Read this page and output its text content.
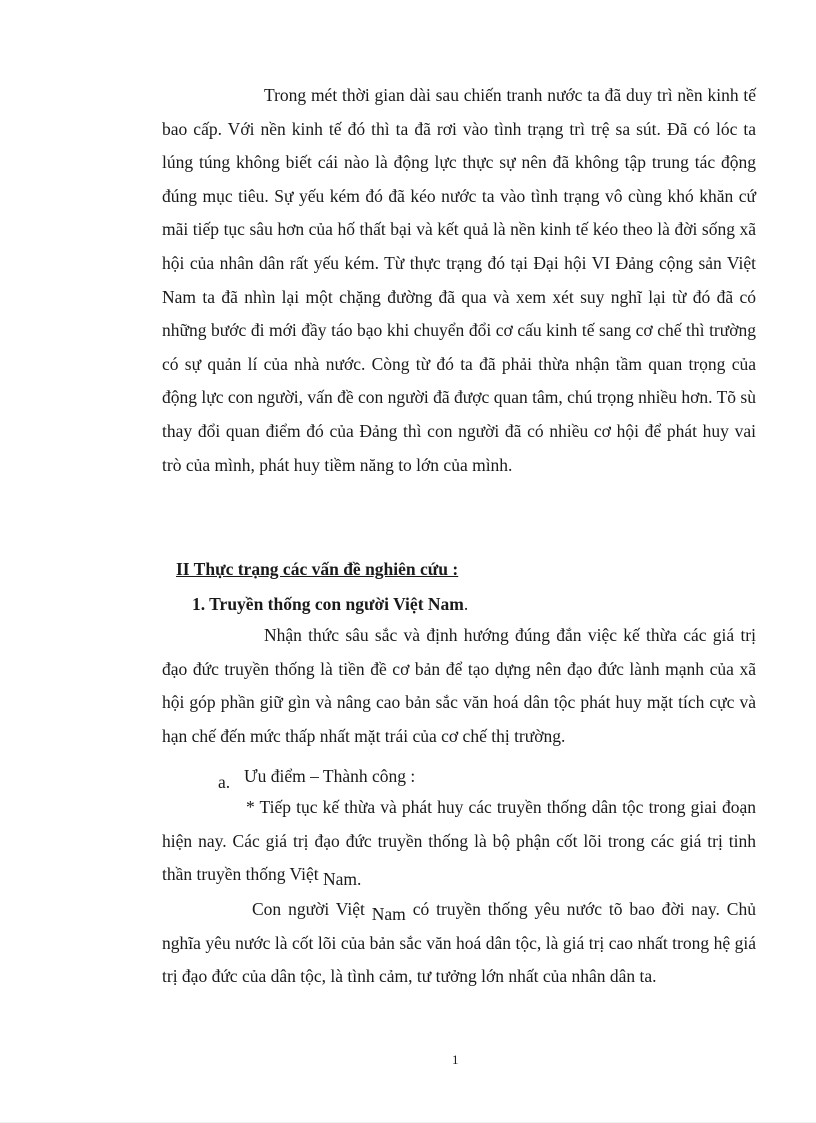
Trong mét thời gian dài sau chiến tranh nước ta đã duy trì nền kinh tế bao cấp. Với nền kinh tế đó thì ta đã rơi vào tình trạng trì trệ sa sút. Đã có lóc ta lúng túng không biết cái nào là động lực thực sự nên đã không tập trung tác động đúng mục tiêu. Sự yếu kém đó đã kéo nước ta vào tình trạng vô cùng khó khăn cứ mãi tiếp tục sâu hơn của hố thất bại và kết quả là nền kinh tế kéo theo là đời sống xã hội của nhân dân rất yếu kém. Từ thực trạng đó tại Đại hội VI Đảng cộng sản Việt Nam ta đã nhìn lại một chặng đường đã qua và xem xét suy nghĩ lại từ đó đã có những bước đi mới đầy táo bạo khi chuyển đổi cơ cấu kinh tế sang cơ chế thì trường có sự quản lí của nhà nước. Còng từ đó ta đã phải thừa nhận tầm quan trọng của động lực con người, vấn đề con người đã được quan tâm, chú trọng nhiều hơn. Tõ sù thay đổi quan điểm đó của Đảng thì con người đã có nhiều cơ hội để phát huy vai trò của mình, phát huy tiềm năng to lớn của mình.

II Thực trạng các vấn đề nghiên cứu :

1. Truyền thống con người Việt Nam.

Nhận thức sâu sắc và định hướng đúng đắn việc kế thừa các giá trị đạo đức truyền thống là tiền đề cơ bản để tạo dựng nên đạo đức lành mạnh của xã hội góp phần giữ gìn và nâng cao bản sắc văn hoá dân tộc phát huy mặt tích cực và hạn chế đến mức thấp nhất mặt trái của cơ chế thị trường.

a. Ưu điểm – Thành công :

* Tiếp tục kế thừa và phát huy các truyền thống dân tộc trong giai đoạn hiện nay. Các giá trị đạo đức truyền thống là bộ phận cốt lõi trong các giá trị tinh thần truyền thống Việt Nam.

Con người Việt Nam có truyền thống yêu nước tõ bao đời nay. Chủ nghĩa yêu nước là cốt lõi của bản sắc văn hoá dân tộc, là giá trị cao nhất trong hệ giá trị đạo đức của dân tộc, là tình cảm, tư tưởng lớn nhất của nhân dân ta.

1
